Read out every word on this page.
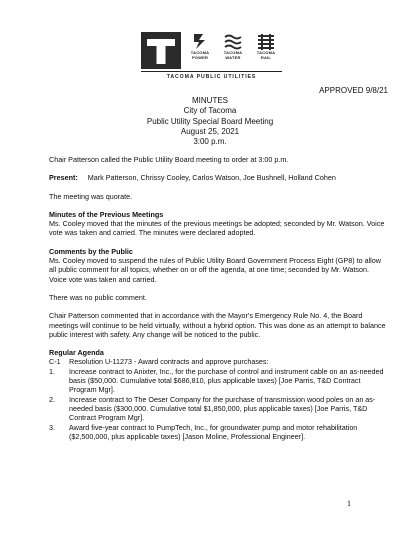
TACOMA
POWER
TACOMA
WATER
TACOMA
RAIL
TACOMA PUBLIC UTILITIES
APPROVED 9/8/21
MINUTES
City of Tacoma
Public Utility Special Board Meeting
August 25, 2021
3:00 p.m.

Chair Patterson called the Public Utility Board meeting to order at 3:00 p.m.

Present: Mark Patterson, Chrissy Cooley, Carlos Watson, Joe Bushnell, Holland Cohen

The meeting was quorate.

Minutes of the Previous Meetings
Ms. Cooley moved that the minutes of the previous meetings be adopted; seconded by Mr. Watson. Voice vote was taken and carried. The minutes were declared adopted.

Comments by the Public
Ms. Cooley moved to suspend the rules of Public Utility Board Government Process Eight (GP8) to allow all public comment for all topics, whether on or off the agenda, at one time; seconded by Mr. Watson. Voice vote was taken and carried.

There was no public comment.

Chair Patterson commented that in accordance with the Mayor's Emergency Rule No. 4, the Board meetings will continue to be held virtually, without a hybrid option. This was done as an attempt to balance public interest with safety. Any change will be noticed to the public.

Regular Agenda
C-1	Resolution U-11273 - Award contracts and approve purchases:
1.	Increase contract to Anixter, Inc., for the purchase of control and instrument cable on an as-needed basis ($50,000. Cumulative total $686,810, plus applicable taxes) [Joe Parris, T&D Contract Program Mgr].
2.	Increase contract to The Oeser Company for the purchase of transmission wood poles on an as-needed basis ($300,000. Cumulative total $1,850,000, plus applicable taxes) [Joe Parris, T&D Contract Program Mgr].
3.	Award five-year contract to PumpTech, Inc., for groundwater pump and motor rehabilitation ($2,500,000, plus applicable taxes) [Jason Moline, Professional Engineer].
1
